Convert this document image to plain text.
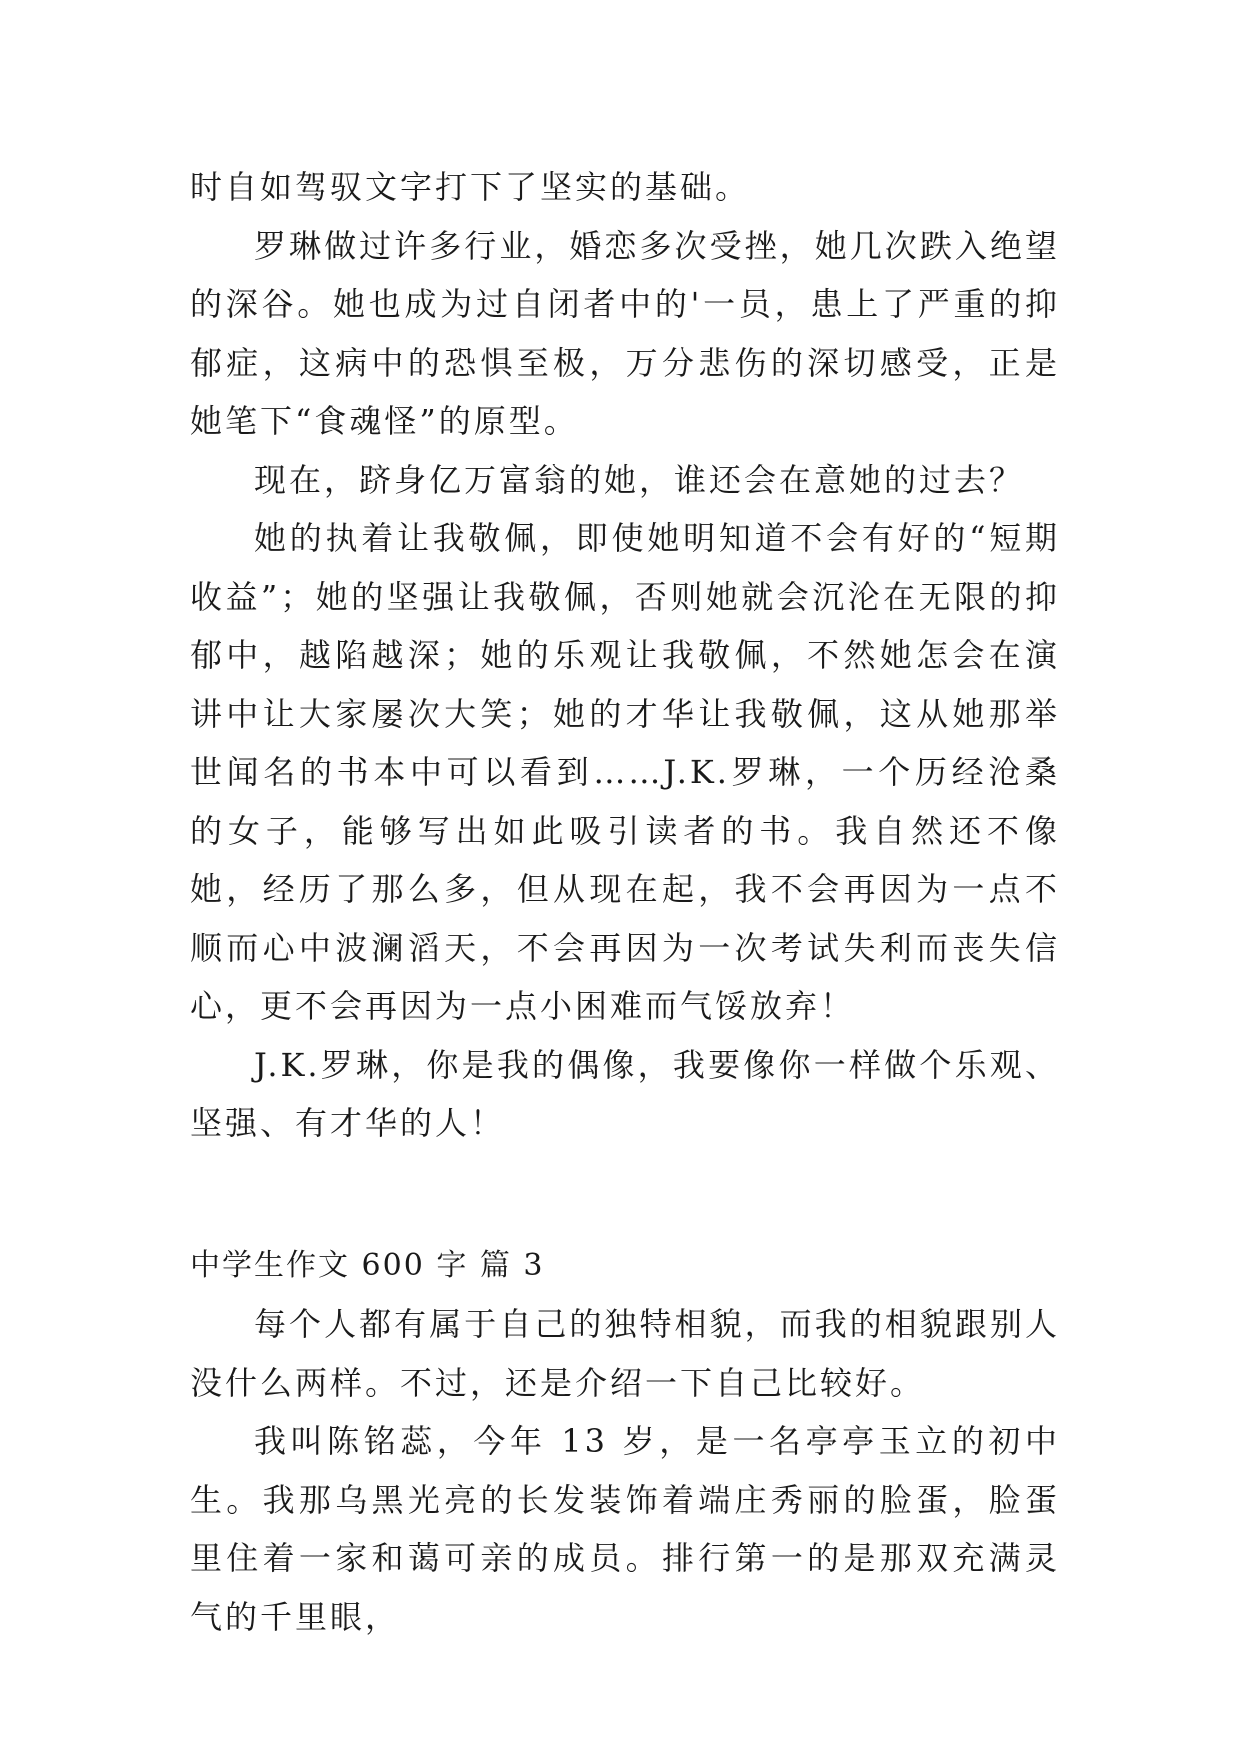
时自如驾驭文字打下了坚实的基础。

罗琳做过许多行业，婚恋多次受挫，她几次跌入绝望的深谷。她也成为过自闭者中的'一员，患上了严重的抑郁症，这病中的恐惧至极，万分悲伤的深切感受，正是她笔下“食魂怪”的原型。

现在，跻身亿万富翁的她，谁还会在意她的过去？

她的执着让我敬佩，即使她明知道不会有好的“短期收益”；她的坚强让我敬佩，否则她就会沉沦在无限的抑郁中，越陷越深；她的乐观让我敬佩，不然她怎会在演讲中让大家屡次大笑；她的才华让我敬佩，这从她那举世闻名的书本中可以看到……J.K.罗琳，一个历经沧桑的女子，能够写出如此吸引读者的书。我自然还不像她，经历了那么多，但从现在起，我不会再因为一点不顺而心中波澜滔天，不会再因为一次考试失利而丧失信心，更不会再因为一点小困难而气馁放弃！

J.K.罗琳，你是我的偶像，我要像你一样做个乐观、坚强、有才华的人！

中学生作文 600 字 篇 3

每个人都有属于自己的独特相貌，而我的相貌跟别人没什么两样。不过，还是介绍一下自己比较好。

我叫陈铭蕊，今年 13 岁，是一名亭亭玉立的初中生。我那乌黑光亮的长发装饰着端庄秀丽的脸蛋，脸蛋里住着一家和蔼可亲的成员。排行第一的是那双充满灵气的千里眼，
